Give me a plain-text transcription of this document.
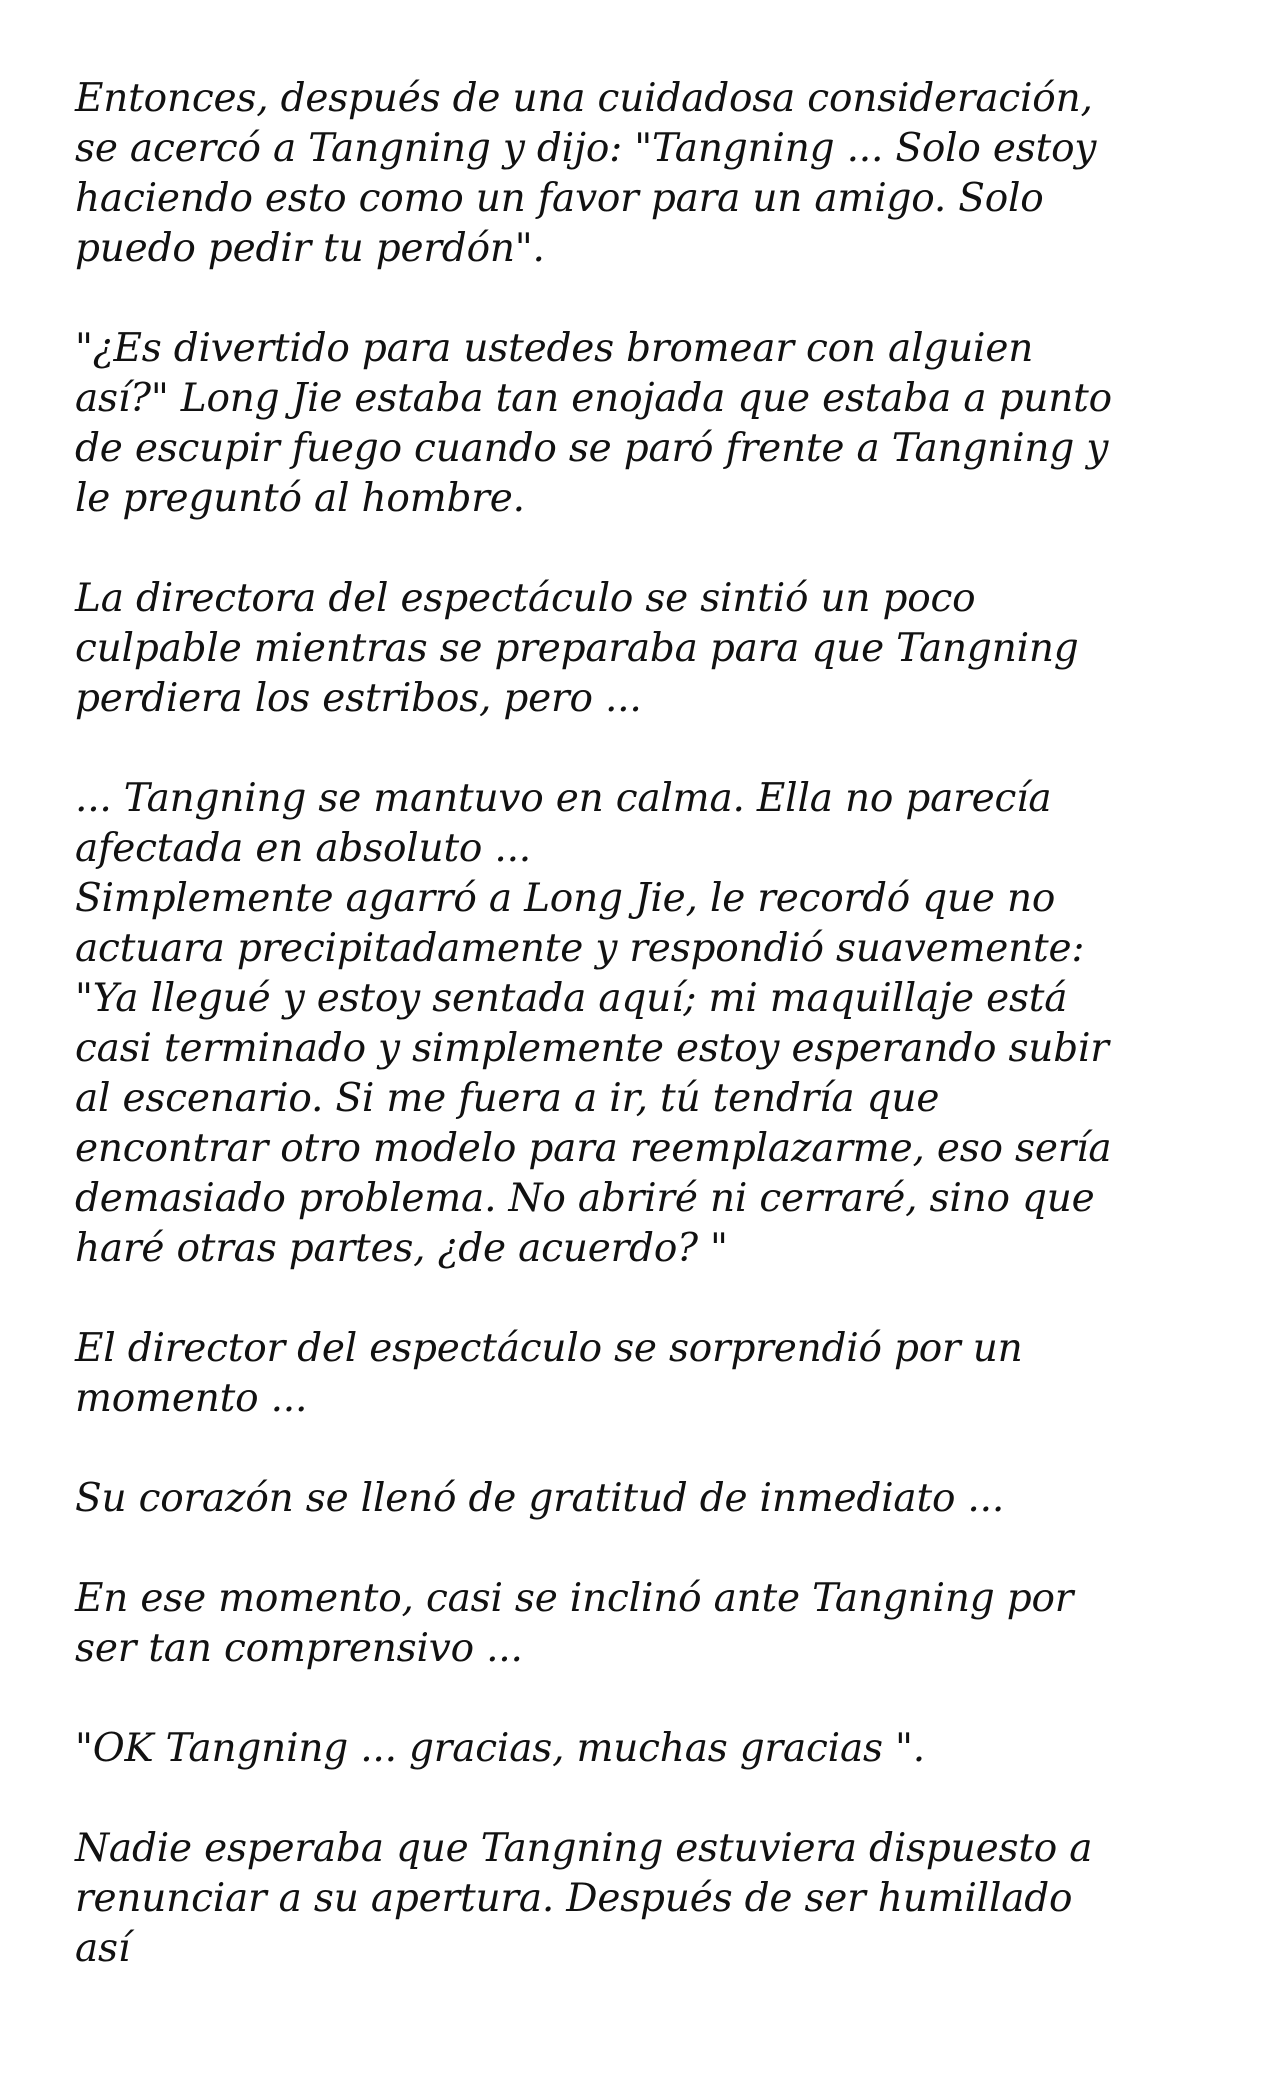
Entonces, después de una cuidadosa consideración,
se acercó a Tangning y dijo: "Tangning ... Solo estoy
haciendo esto como un favor para un amigo. Solo
puedo pedir tu perdón".

"¿Es divertido para ustedes bromear con alguien
así?" Long Jie estaba tan enojada que estaba a punto
de escupir fuego cuando se paró frente a Tangning y
le preguntó al hombre.

La directora del espectáculo se sintió un poco
culpable mientras se preparaba para que Tangning
perdiera los estribos, pero ...

... Tangning se mantuvo en calma. Ella no parecía
afectada en absoluto ...

Simplemente agarró a Long Jie, le recordó que no
actuara precipitadamente y respondió suavemente:
"Ya llegué y estoy sentada aquí; mi maquillaje está
casi terminado y simplemente estoy esperando subir
al escenario. Si me fuera a ir, tú tendría que
encontrar otro modelo para reemplazarme, eso sería
demasiado problema. No abriré ni cerraré, sino que
haré otras partes, ¿de acuerdo? "

El director del espectáculo se sorprendió por un
momento ...

Su corazón se llenó de gratitud de inmediato ...

En ese momento, casi se inclinó ante Tangning por
ser tan comprensivo ...

"OK Tangning ... gracias, muchas gracias ".

Nadie esperaba que Tangning estuviera dispuesto a
renunciar a su apertura. Después de ser humillado
así
